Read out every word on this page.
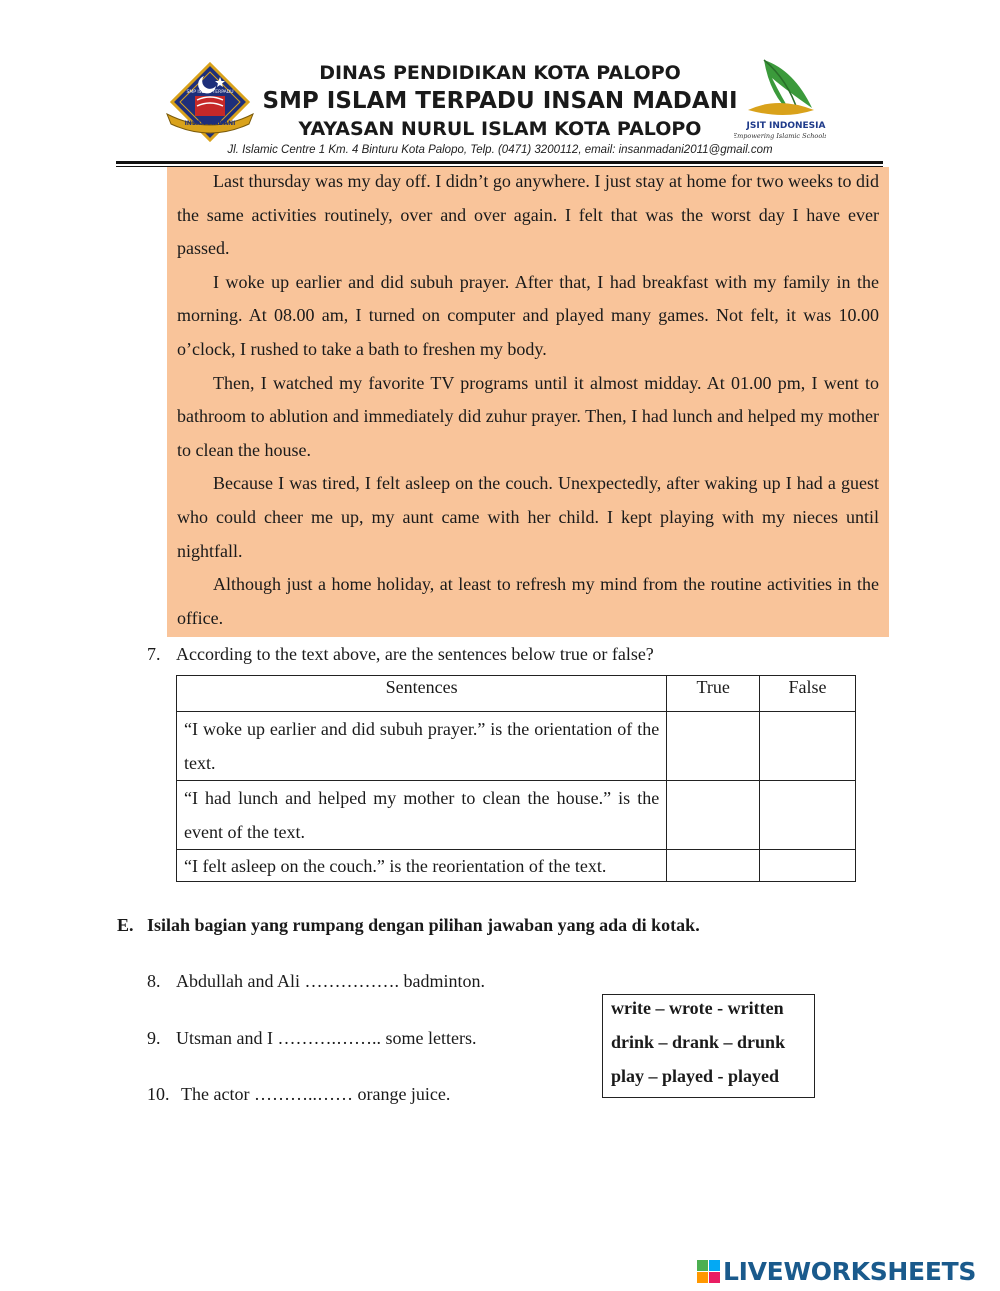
INSAN MADANI
SMP ISLAM TERPADU
DINAS PENDIDIKAN KOTA PALOPO
SMP ISLAM TERPADU INSAN MADANI
YAYASAN NURUL ISLAM KOTA PALOPO	JSIT INDONESIA
Empowering Islamic Schools
Jl. Islamic Centre 1 Km. 4 Binturu Kota Palopo, Telp. (0471) 3200112, email: insanmadani2011@gmail.com

Last thursday was my day off. I didn’t go anywhere. I just stay at home for two weeks to did the same activities routinely, over and over again. I felt that was the worst day I have ever passed.

I woke up earlier and did subuh prayer. After that, I had breakfast with my family in the morning. At 08.00 am, I turned on computer and played many games. Not felt, it was 10.00 o’clock, I rushed to take a bath to freshen my body.

Then, I watched my favorite TV programs until it almost midday. At 01.00 pm, I went to bathroom to ablution and immediately did zuhur prayer. Then, I had lunch and helped my mother to clean the house.

Because I was tired, I felt asleep on the couch. Unexpectedly, after waking up I had a guest who could cheer me up, my aunt came with her child. I kept playing with my nieces until nightfall.

Although just a home holiday, at least to refresh my mind from the routine activities in the office.

7. According to the text above, are the sentences below true or false?
Sentences	True	False
“I woke up earlier and did subuh prayer.” is the orientation of the text.		
“I had lunch and helped my mother to clean the house.” is the event of the text.		
“I felt asleep on the couch.” is the reorientation of the text.		
E. Isilah bagian yang rumpang dengan pilihan jawaban yang ada di kotak.
8. Abdullah and Ali ……………. badminton.
9. Utsman and I ……….…….. some letters.
10. The actor ………..…… orange juice.
write – wrote - written
drink – drank – drunk
play – played - played
LIVEWORKSHEETS
